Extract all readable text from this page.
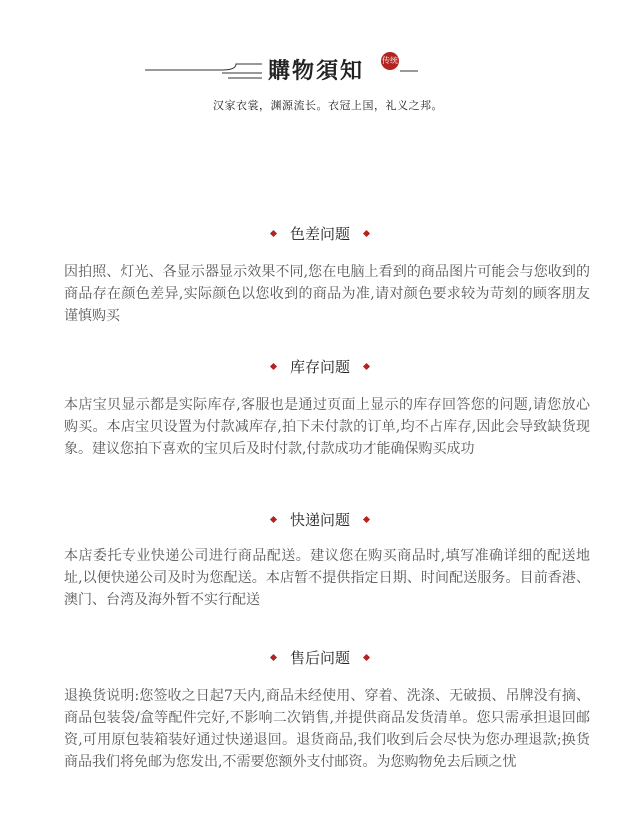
購物須知 传统
汉家衣裳，渊源流长。衣冠上国，礼义之邦。
色差问题
因拍照、灯光、各显示器显示效果不同,您在电脑上看到的商品图片可能会与您收到的商品存在颜色差异,实际颜色以您收到的商品为准,请对颜色要求较为苛刻的顾客朋友谨慎购买
库存问题
本店宝贝显示都是实际库存,客服也是通过页面上显示的库存回答您的问题,请您放心购买。本店宝贝设置为付款减库存,拍下未付款的订单,均不占库存,因此会导致缺货现象。建议您拍下喜欢的宝贝后及时付款,付款成功才能确保购买成功
快递问题
本店委托专业快递公司进行商品配送。建议您在购买商品时,填写准确详细的配送地址,以便快递公司及时为您配送。本店暂不提供指定日期、时间配送服务。目前香港、澳门、台湾及海外暂不实行配送
售后问题
退换货说明:您签收之日起7天内,商品未经使用、穿着、洗涤、无破损、吊牌没有摘、商品包装袋/盒等配件完好,不影响二次销售,并提供商品发货清单。您只需承担退回邮资,可用原包装箱装好通过快递退回。退货商品,我们收到后会尽快为您办理退款;换货商品我们将免邮为您发出,不需要您额外支付邮资。为您购物免去后顾之忧
